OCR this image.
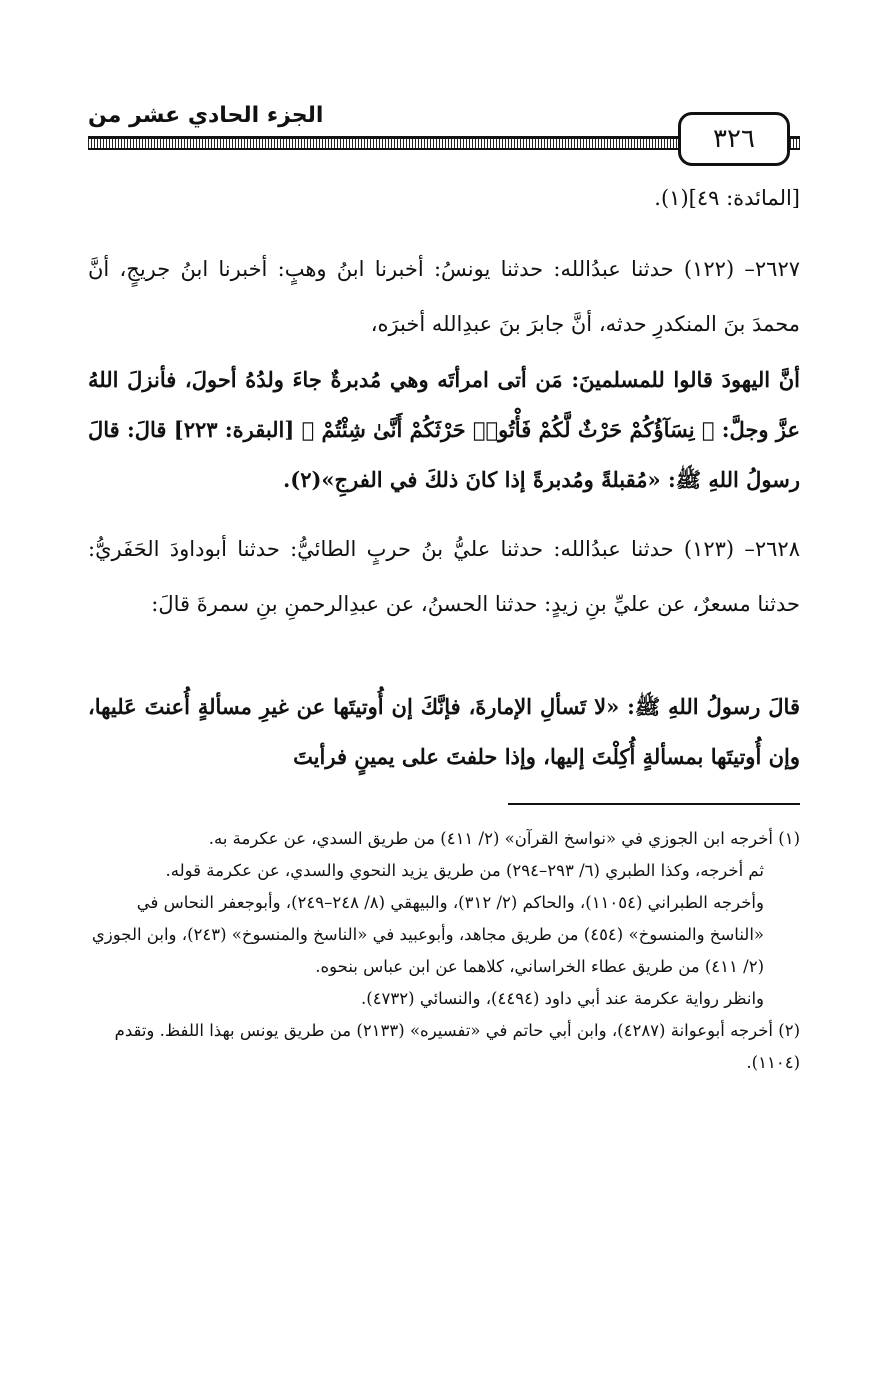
الجزء الحادي عشر من
٣٢٦
[المائدة: ٤٩](١).
٢٦٢٧– (١٢٢) حدثنا عبدُالله: حدثنا يونسُ: أخبرنا ابنُ وهبٍ: أخبرنا ابنُ جريجٍ، أنَّ محمدَ بنَ المنكدرِ حدثه، أنَّ جابرَ بنَ عبدِالله أخبرَه،
أنَّ اليهودَ قالوا للمسلمينَ: مَن أتى امرأتَه وهي مُدبرةٌ جاءَ ولدُهُ أحولَ، فأنزلَ اللهُ عزَّ وجلَّ: ﴿ نِسَآؤُكُمْ حَرْثٌ لَّكُمْ فَأْتُوا۟ حَرْثَكُمْ أَنَّىٰ شِئْتُمْ ﴾ [البقرة: ٢٢٣] قالَ: قالَ رسولُ اللهِ ﷺ: «مُقبلةً ومُدبرةً إذا كانَ ذلكَ في الفرجِ»(٢).
٢٦٢٨– (١٢٣) حدثنا عبدُالله: حدثنا عليُّ بنُ حربٍ الطائيُّ: حدثنا أبوداودَ الحَفَريُّ: حدثنا مسعرٌ، عن عليِّ بنِ زيدٍ: حدثنا الحسنُ، عن عبدِالرحمنِ بنِ سمرةَ قالَ:
قالَ رسولُ اللهِ ﷺ: «لا تَسألِ الإمارةَ، فإنَّكَ إن أُوتيتَها عن غيرِ مسألةٍ أُعنتَ عَليها، وإن أُوتيتَها بمسألةٍ أُكِلْتَ إليها، وإذا حلفتَ على يمينٍ فرأيتَ

(١) أخرجه ابن الجوزي في «نواسخ القرآن» (٢/ ٤١١) من طريق السدي، عن عكرمة به.

ثم أخرجه، وكذا الطبري (٦/ ٢٩٣–٢٩٤) من طريق يزيد النحوي والسدي، عن عكرمة قوله.

وأخرجه الطبراني (١١٠٥٤)، والحاكم (٢/ ٣١٢)، والبيهقي (٨/ ٢٤٨–٢٤٩)، وأبوجعفر النحاس في «الناسخ والمنسوخ» (٤٥٤) من طريق مجاهد، وأبوعبيد في «الناسخ والمنسوخ» (٢٤٣)، وابن الجوزي (٢/ ٤١١) من طريق عطاء الخراساني، كلاهما عن ابن عباس بنحوه.

وانظر رواية عكرمة عند أبي داود (٤٤٩٤)، والنسائي (٤٧٣٢).

(٢) أخرجه أبوعوانة (٤٢٨٧)، وابن أبي حاتم في «تفسيره» (٢١٣٣) من طريق يونس بهذا اللفظ. وتقدم (١١٠٤).
